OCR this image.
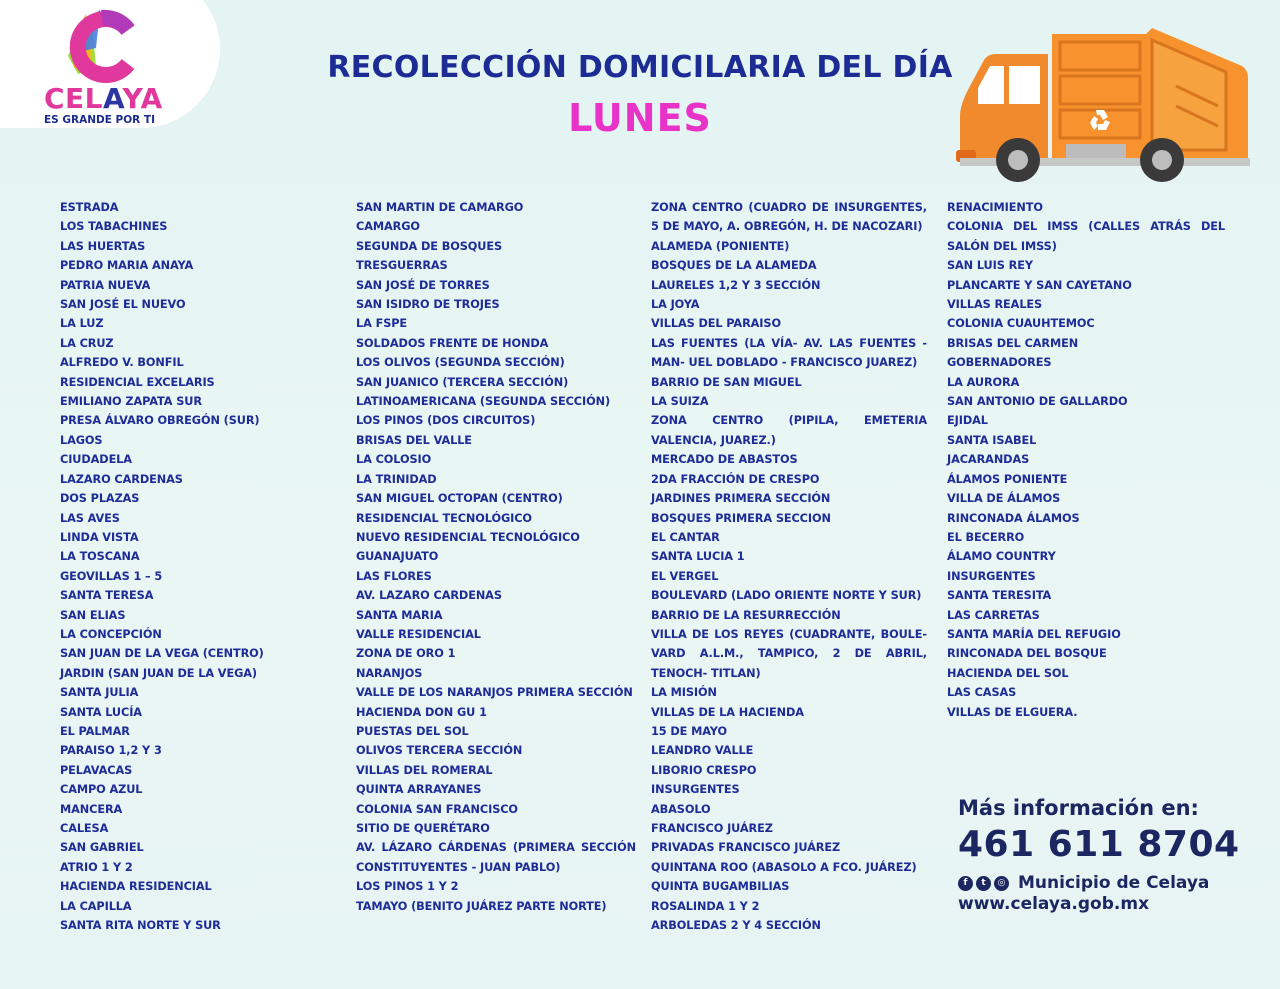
CELAYA
ES GRANDE POR TI
RECOLECCIÓN DOMICILARIA DEL DÍA
LUNES
ESTRADA
LOS TABACHINES
LAS HUERTAS
PEDRO MARIA ANAYA
PATRIA NUEVA
SAN JOSÉ EL NUEVO
LA LUZ
LA CRUZ
ALFREDO V. BONFIL
RESIDENCIAL EXCELARIS
EMILIANO ZAPATA SUR
PRESA ÁLVARO OBREGÓN (SUR)
LAGOS
CIUDADELA
LAZARO CARDENAS
DOS PLAZAS
LAS AVES
LINDA VISTA
LA TOSCANA
GEOVILLAS 1 – 5
SANTA TERESA
SAN ELIAS
LA CONCEPCIÓN
SAN JUAN DE LA VEGA (CENTRO)
JARDIN (SAN JUAN DE LA VEGA)
SANTA JULIA
SANTA LUCÍA
EL PALMAR
PARAISO 1,2 Y 3
PELAVACAS
CAMPO AZUL
MANCERA
CALESA
SAN GABRIEL
ATRIO 1 Y 2
HACIENDA RESIDENCIAL
LA CAPILLA
SANTA RITA NORTE Y SUR
SAN MARTIN DE CAMARGO
CAMARGO
SEGUNDA DE BOSQUES
TRESGUERRAS
SAN JOSÉ DE TORRES
SAN ISIDRO DE TROJES
LA FSPE
SOLDADOS FRENTE DE HONDA
LOS OLIVOS (SEGUNDA SECCIÓN)
SAN JUANICO (TERCERA SECCIÓN)
LATINOAMERICANA (SEGUNDA SECCIÓN)
LOS PINOS (DOS CIRCUITOS)
BRISAS DEL VALLE
LA COLOSIO
LA TRINIDAD
SAN MIGUEL OCTOPAN (CENTRO)
RESIDENCIAL TECNOLÓGICO
NUEVO RESIDENCIAL TECNOLÓGICO
GUANAJUATO
LAS FLORES
AV. LAZARO CARDENAS
SANTA MARIA
VALLE RESIDENCIAL
ZONA DE ORO 1
NARANJOS
VALLE DE LOS NARANJOS PRIMERA SECCIÓN
HACIENDA DON GU 1
PUESTAS DEL SOL
OLIVOS TERCERA SECCIÓN
VILLAS DEL ROMERAL
QUINTA ARRAYANES
COLONIA SAN FRANCISCO
SITIO DE QUERÉTARO
AV. LÁZARO CÁRDENAS (PRIMERA SECCIÓN CONSTITUYENTES - JUAN PABLO)
LOS PINOS 1 Y 2
TAMAYO (BENITO JUÁREZ PARTE NORTE)
ZONA CENTRO (CUADRO DE INSURGENTES, 5 DE MAYO, A. OBREGÓN, H. DE NACOZARI)
ALAMEDA (PONIENTE)
BOSQUES DE LA ALAMEDA
LAURELES 1,2 Y 3 SECCIÓN
LA JOYA
VILLAS DEL PARAISO
LAS FUENTES (LA VÍA- AV. LAS FUENTES - MAN- UEL DOBLADO - FRANCISCO JUAREZ)
BARRIO DE SAN MIGUEL
LA SUIZA
ZONA CENTRO (PIPILA, EMETERIA VALENCIA, JUAREZ.)
MERCADO DE ABASTOS
2DA FRACCIÓN DE CRESPO
JARDINES PRIMERA SECCIÓN
BOSQUES PRIMERA SECCION
EL CANTAR
SANTA LUCIA 1
EL VERGEL
BOULEVARD (LADO ORIENTE NORTE Y SUR)
BARRIO DE LA RESURRECCIÓN
VILLA DE LOS REYES (CUADRANTE, BOULE- VARD A.L.M., TAMPICO, 2 DE ABRIL, TENOCH- TITLAN)
LA MISIÓN
VILLAS DE LA HACIENDA
15 DE MAYO
LEANDRO VALLE
LIBORIO CRESPO
INSURGENTES
ABASOLO
FRANCISCO JUÁREZ
PRIVADAS FRANCISCO JUÁREZ
QUINTANA ROO (ABASOLO A FCO. JUÁREZ)
QUINTA BUGAMBILIAS
ROSALINDA 1 Y 2
ARBOLEDAS 2 Y 4 SECCIÓN
RENACIMIENTO
COLONIA DEL IMSS (CALLES ATRÁS DEL SALÓN DEL IMSS)
SAN LUIS REY
PLANCARTE Y SAN CAYETANO
VILLAS REALES
COLONIA CUAUHTEMOC
BRISAS DEL CARMEN
GOBERNADORES
LA AURORA
SAN ANTONIO DE GALLARDO
EJIDAL
SANTA ISABEL
JACARANDAS
ÁLAMOS PONIENTE
VILLA DE ÁLAMOS
RINCONADA ÁLAMOS
EL BECERRO
ÁLAMO COUNTRY
INSURGENTES
SANTA TERESITA
LAS CARRETAS
SANTA MARÍA DEL REFUGIO
RINCONADA DEL BOSQUE
HACIENDA DEL SOL
LAS CASAS
VILLAS DE ELGUERA.
Más información en:
461 611 8704
f	t	◎ Municipio de Celaya
www.celaya.gob.mx
